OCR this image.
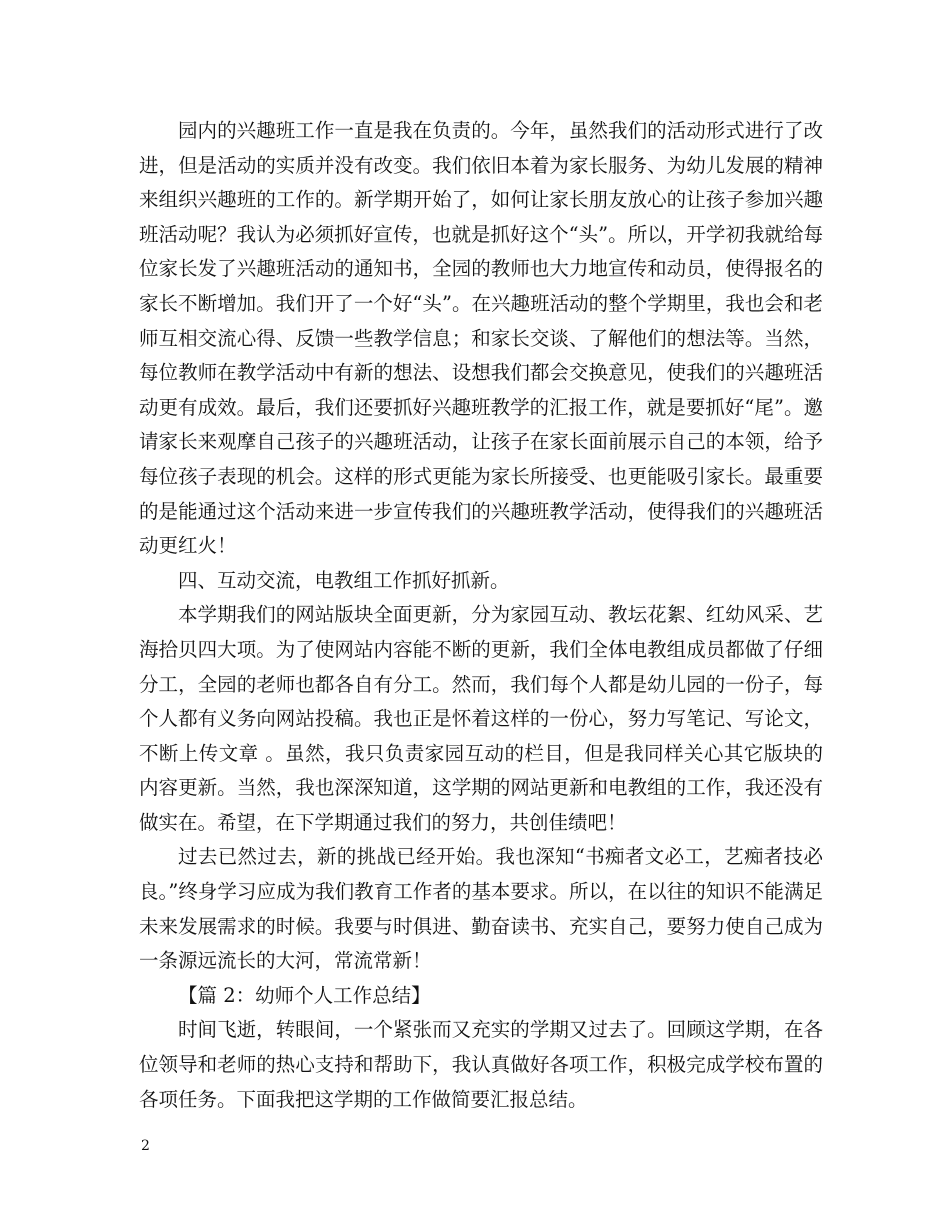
园内的兴趣班工作一直是我在负责的。今年，虽然我们的活动形式进行了改进，但是活动的实质并没有改变。我们依旧本着为家长服务、为幼儿发展的精神来组织兴趣班的工作的。新学期开始了，如何让家长朋友放心的让孩子参加兴趣班活动呢？我认为必须抓好宣传，也就是抓好这个“头”。所以，开学初我就给每位家长发了兴趣班活动的通知书，全园的教师也大力地宣传和动员，使得报名的家长不断增加。我们开了一个好“头”。在兴趣班活动的整个学期里，我也会和老师互相交流心得、反馈一些教学信息；和家长交谈、了解他们的想法等。当然，每位教师在教学活动中有新的想法、设想我们都会交换意见，使我们的兴趣班活动更有成效。最后，我们还要抓好兴趣班教学的汇报工作，就是要抓好“尾”。邀请家长来观摩自己孩子的兴趣班活动，让孩子在家长面前展示自己的本领，给予每位孩子表现的机会。这样的形式更能为家长所接受、也更能吸引家长。最重要的是能通过这个活动来进一步宣传我们的兴趣班教学活动，使得我们的兴趣班活动更红火！

四、互动交流，电教组工作抓好抓新。

本学期我们的网站版块全面更新，分为家园互动、教坛花絮、红幼风采、艺海拾贝四大项。为了使网站内容能不断的更新，我们全体电教组成员都做了仔细分工，全园的老师也都各自有分工。然而，我们每个人都是幼儿园的一份子，每个人都有义务向网站投稿。我也正是怀着这样的一份心，努力写笔记、写论文，不断上传文章 。虽然，我只负责家园互动的栏目，但是我同样关心其它版块的内容更新。当然，我也深深知道，这学期的网站更新和电教组的工作，我还没有做实在。希望，在下学期通过我们的努力，共创佳绩吧！

过去已然过去，新的挑战已经开始。我也深知“书痴者文必工，艺痴者技必良。”终身学习应成为我们教育工作者的基本要求。所以，在以往的知识不能满足未来发展需求的时候。我要与时俱进、勤奋读书、充实自己，要努力使自己成为一条源远流长的大河，常流常新！

【篇 2：幼师个人工作总结】

时间飞逝，转眼间，一个紧张而又充实的学期又过去了。回顾这学期，在各位领导和老师的热心支持和帮助下，我认真做好各项工作，积极完成学校布置的各项任务。下面我把这学期的工作做简要汇报总结。

2
